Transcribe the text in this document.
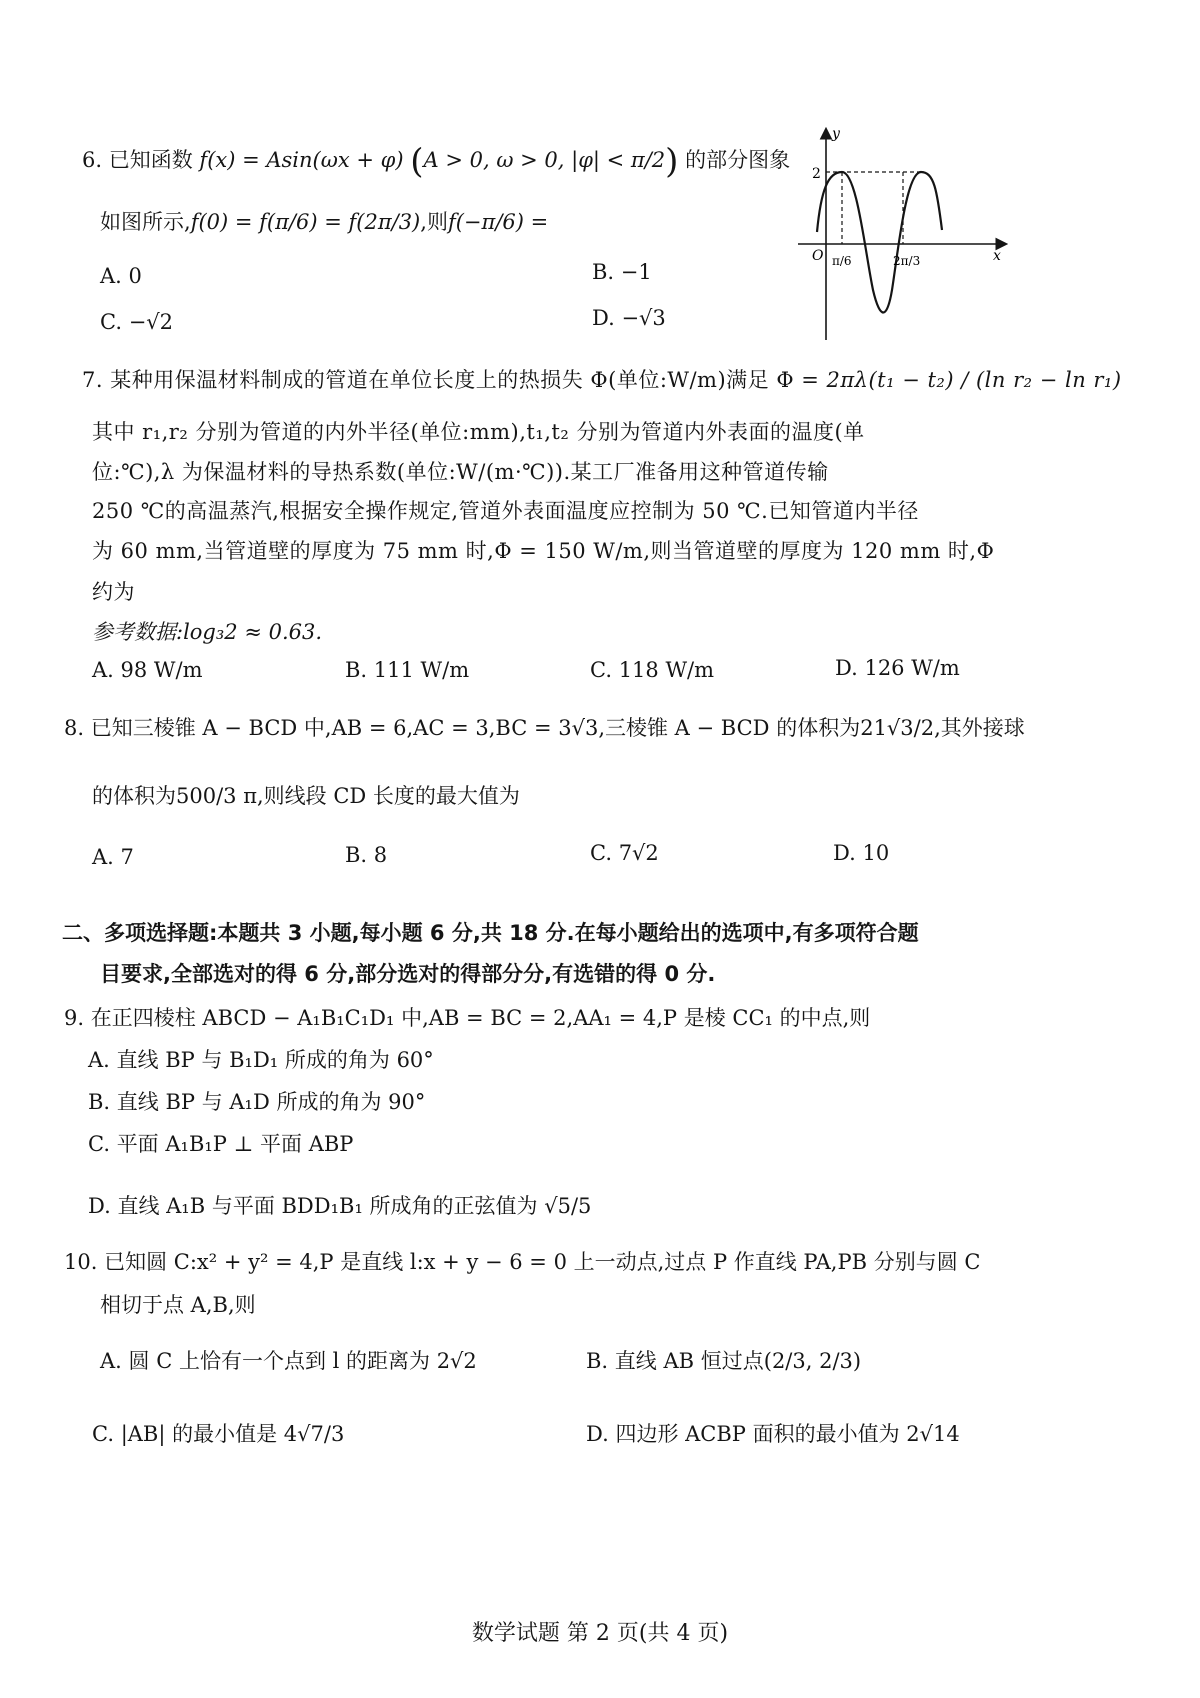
6. 已知函数 f(x) = Asin(ωx + φ) (A > 0, ω > 0, |φ| < π/2) 的部分图象
如图所示,f(0) = f(π/6) = f(2π/3),则f(−π/6) =
A. 0	B. −1
C. −√2	D. −√3
y
x
O
2
π/6	2π/3
7. 某种用保温材料制成的管道在单位长度上的热损失 Φ(单位:W/m)满足 Φ = 2πλ(t₁ − t₂) / (ln r₂ − ln r₁)
其中 r₁,r₂ 分别为管道的内外半径(单位:mm),t₁,t₂ 分别为管道内外表面的温度(单
位:℃),λ 为保温材料的导热系数(单位:W/(m·℃)).某工厂准备用这种管道传输
250 ℃的高温蒸汽,根据安全操作规定,管道外表面温度应控制为 50 ℃.已知管道内半径
为 60 mm,当管道壁的厚度为 75 mm 时,Φ = 150 W/m,则当管道壁的厚度为 120 mm 时,Φ
约为
参考数据:log₃2 ≈ 0.63.
A. 98 W/m	B. 111 W/m	C. 118 W/m	D. 126 W/m
8. 已知三棱锥 A − BCD 中,AB = 6,AC = 3,BC = 3√3,三棱锥 A − BCD 的体积为21√3/2,其外接球
的体积为500/3 π,则线段 CD 长度的最大值为
A. 7	B. 8	C. 7√2	D. 10
二、多项选择题:本题共 3 小题,每小题 6 分,共 18 分.在每小题给出的选项中,有多项符合题
目要求,全部选对的得 6 分,部分选对的得部分分,有选错的得 0 分.
9. 在正四棱柱 ABCD − A₁B₁C₁D₁ 中,AB = BC = 2,AA₁ = 4,P 是棱 CC₁ 的中点,则
A. 直线 BP 与 B₁D₁ 所成的角为 60°
B. 直线 BP 与 A₁D 所成的角为 90°
C. 平面 A₁B₁P ⊥ 平面 ABP
D. 直线 A₁B 与平面 BDD₁B₁ 所成角的正弦值为 √5/5
10. 已知圆 C:x² + y² = 4,P 是直线 l:x + y − 6 = 0 上一动点,过点 P 作直线 PA,PB 分别与圆 C
相切于点 A,B,则
A. 圆 C 上恰有一个点到 l 的距离为 2√2	B. 直线 AB 恒过点(2/3, 2/3)
C. |AB| 的最小值是 4√7/3	D. 四边形 ACBP 面积的最小值为 2√14
数学试题 第 2 页(共 4 页)
